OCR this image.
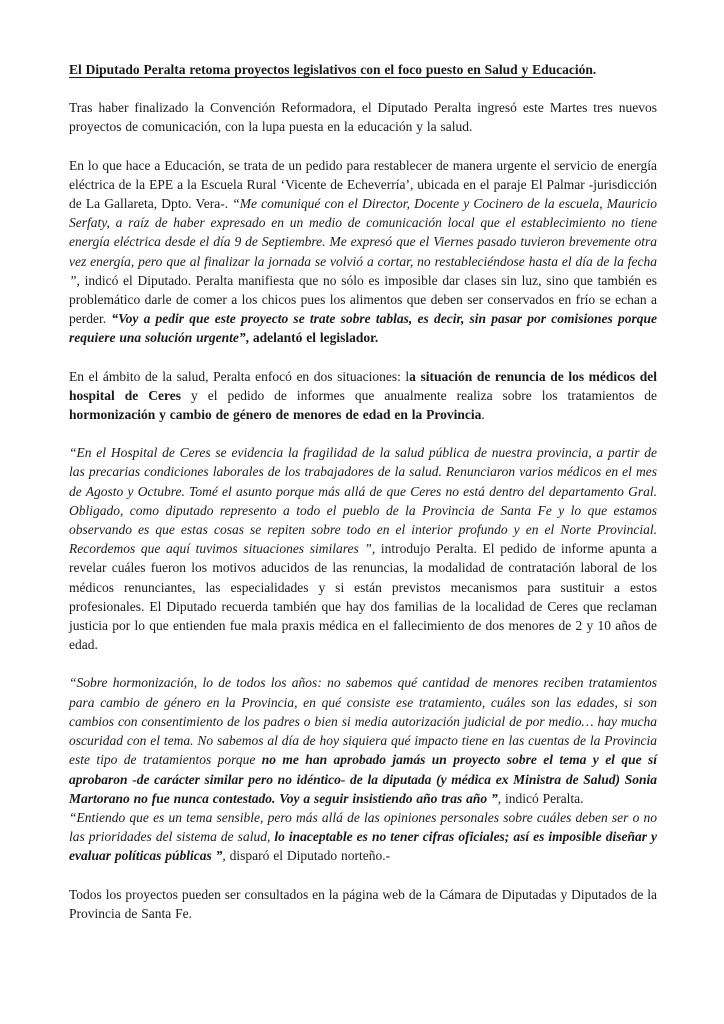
El Diputado Peralta retoma proyectos legislativos con el foco puesto en Salud y Educación.

Tras haber finalizado la Convención Reformadora, el Diputado Peralta ingresó este Martes tres nuevos proyectos de comunicación, con la lupa puesta en la educación y la salud.

En lo que hace a Educación, se trata de un pedido para restablecer de manera urgente el servicio de energía eléctrica de la EPE a la Escuela Rural ‘Vicente de Echeverría’, ubicada en el paraje El Palmar -jurisdicción de La Gallareta, Dpto. Vera-. “Me comuniqué con el Director, Docente y Cocinero de la escuela, Mauricio Serfaty, a raíz de haber expresado en un medio de comunicación local que el establecimiento no tiene energía eléctrica desde el día 9 de Septiembre. Me expresó que el Viernes pasado tuvieron brevemente otra vez energía, pero que al finalizar la jornada se volvió a cortar, no restableciéndose hasta el día de la fecha ”, indicó el Diputado. Peralta manifiesta que no sólo es imposible dar clases sin luz, sino que también es problemático darle de comer a los chicos pues los alimentos que deben ser conservados en frío se echan a perder. “Voy a pedir que este proyecto se trate sobre tablas, es decir, sin pasar por comisiones porque requiere una solución urgente”, adelantó el legislador.

En el ámbito de la salud, Peralta enfocó en dos situaciones: la situación de renuncia de los médicos del hospital de Ceres y el pedido de informes que anualmente realiza sobre los tratamientos de hormonización y cambio de género de menores de edad en la Provincia.

“En el Hospital de Ceres se evidencia la fragilidad de la salud pública de nuestra provincia, a partir de las precarias condiciones laborales de los trabajadores de la salud. Renunciaron varios médicos en el mes de Agosto y Octubre. Tomé el asunto porque más allá de que Ceres no está dentro del departamento Gral. Obligado, como diputado represento a todo el pueblo de la Provincia de Santa Fe y lo que estamos observando es que estas cosas se repiten sobre todo en el interior profundo y en el Norte Provincial. Recordemos que aquí tuvimos situaciones similares ”, introdujo Peralta. El pedido de informe apunta a revelar cuáles fueron los motivos aducidos de las renuncias, la modalidad de contratación laboral de los médicos renunciantes, las especialidades y si están previstos mecanismos para sustituir a estos profesionales. El Diputado recuerda también que hay dos familias de la localidad de Ceres que reclaman justicia por lo que entienden fue mala praxis médica en el fallecimiento de dos menores de 2 y 10 años de edad.

“Sobre hormonización, lo de todos los años: no sabemos qué cantidad de menores reciben tratamientos para cambio de género en la Provincia, en qué consiste ese tratamiento, cuáles son las edades, si son cambios con consentimiento de los padres o bien si media autorización judicial de por medio… hay mucha oscuridad con el tema. No sabemos al día de hoy siquiera qué impacto tiene en las cuentas de la Provincia este tipo de tratamientos porque no me han aprobado jamás un proyecto sobre el tema y el que sí aprobaron -de carácter similar pero no idéntico- de la diputada (y médica ex Ministra de Salud) Sonia Martorano no fue nunca contestado. Voy a seguir insistiendo año tras año ”, indicó Peralta.

“Entiendo que es un tema sensible, pero más allá de las opiniones personales sobre cuáles deben ser o no las prioridades del sistema de salud, lo inaceptable es no tener cifras oficiales; así es imposible diseñar y evaluar políticas públicas ”, disparó el Diputado norteño.-

Todos los proyectos pueden ser consultados en la página web de la Cámara de Diputadas y Diputados de la Provincia de Santa Fe.
